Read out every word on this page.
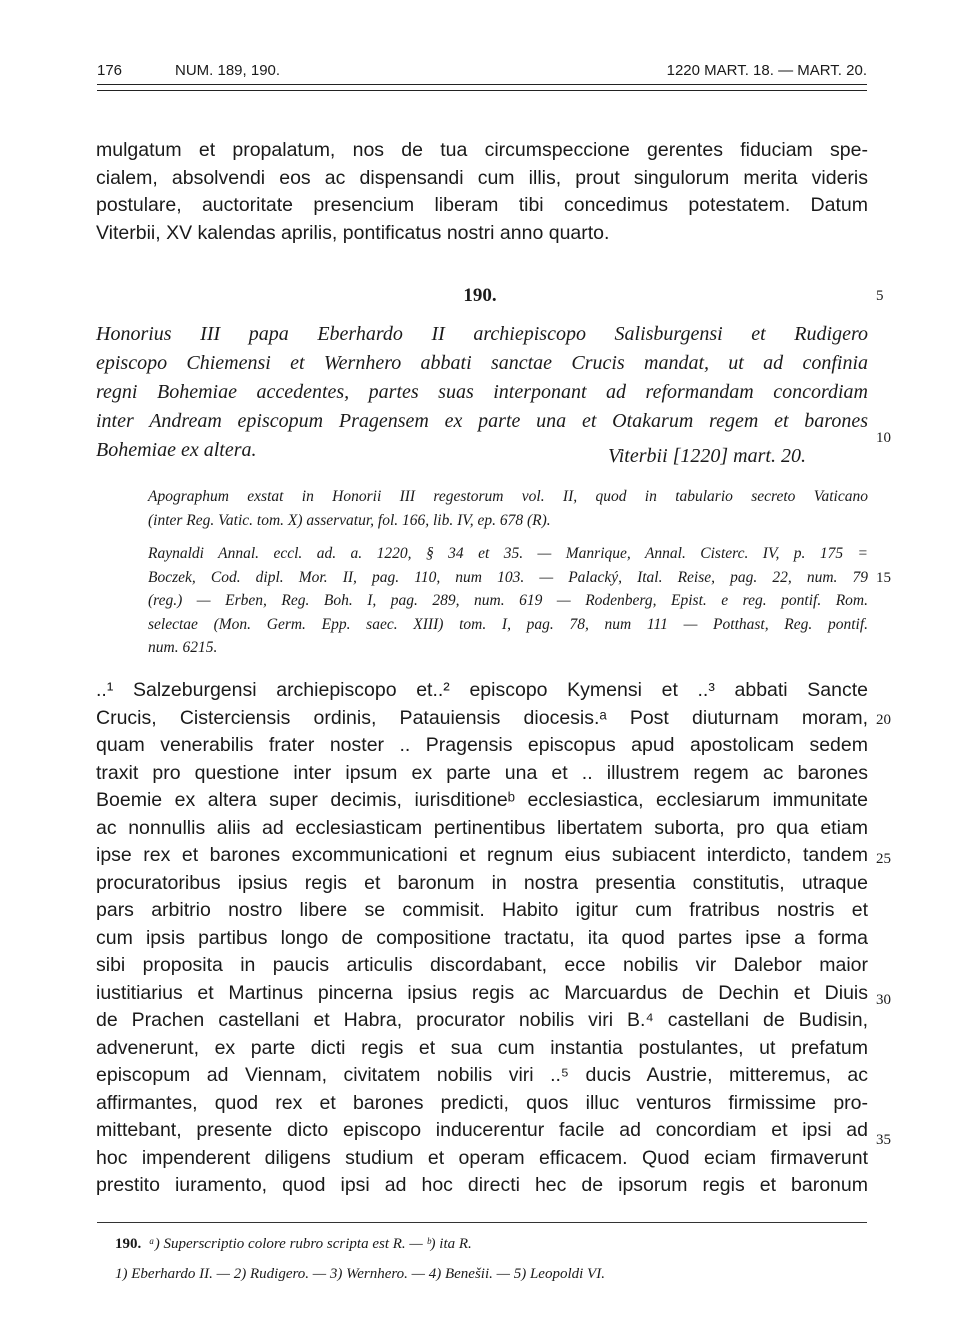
176	NUM. 189, 190.	1220 MART. 18. — MART. 20.
mulgatum et propalatum, nos de tua circumspeccione gerentes fiduciam spe-
cialem, absolvendi eos ac dispensandi cum illis, prout singulorum merita videris
postulare, auctoritate presencium liberam tibi concedimus potestatem. Datum
Viterbii, XV kalendas aprilis, pontificatus nostri anno quarto.
190.
Honorius III papa Eberhardo II archiepiscopo Salisburgensi et Rudigero
episcopo Chiemensi et Wernhero abbati sanctae Crucis mandat, ut ad confinia
regni Bohemiae accedentes, partes suas interponant ad reformandam concordiam
inter Andream episcopum Pragensem ex parte una et Otakarum regem et barones
Bohemiae ex altera.	Viterbii [1220] mart. 20.
Apographum exstat in Honorii III regestorum vol. II, quod in tabulario secreto Vaticano
(inter Reg. Vatic. tom. X) asservatur, fol. 166, lib. IV, ep. 678 (R).
Raynaldi Annal. eccl. ad. a. 1220, § 34 et 35. — Manrique, Annal. Cisterc. IV, p. 175 =
Boczek, Cod. dipl. Mor. II, pag. 110, num 103. — Palacký, Ital. Reise, pag. 22, num. 79
(reg.) — Erben, Reg. Boh. I, pag. 289, num. 619 — Rodenberg, Epist. e reg. pontif. Rom.
selectae (Mon. Germ. Epp. saec. XIII) tom. I, pag. 78, num 111 — Potthast, Reg. pontif.
num. 6215.
..¹ Salzeburgensi archiepiscopo et..² episcopo Kymensi et ..³ abbati Sancte
Crucis, Cisterciensis ordinis, Patauiensis diocesis.ᵃ Post diuturnam moram,
quam venerabilis frater noster .. Pragensis episcopus apud apostolicam sedem
traxit pro questione inter ipsum ex parte una et .. illustrem regem ac barones
Boemie ex altera super decimis, iurisditioneᵇ ecclesiastica, ecclesiarum immunitate
ac nonnullis aliis ad ecclesiasticam pertinentibus libertatem suborta, pro qua etiam
ipse rex et barones excommunicationi et regnum eius subiacent interdicto, tandem
procuratoribus ipsius regis et baronum in nostra presentia constitutis, utraque
pars arbitrio nostro libere se commisit. Habito igitur cum fratribus nostris et
cum ipsis partibus longo de compositione tractatu, ita quod partes ipse a forma
sibi proposita in paucis articulis discordabant, ecce nobilis vir Dalebor maior
iustitiarius et Martinus pincerna ipsius regis ac Marcuardus de Dechin et Diuis
de Prachen castellani et Habra, procurator nobilis viri B.⁴ castellani de Budisin,
advenerunt, ex parte dicti regis et sua cum instantia postulantes, ut prefatum
episcopum ad Viennam, civitatem nobilis viri ..⁵ ducis Austrie, mitteremus, ac
affirmantes, quod rex et barones predicti, quos illuc venturos firmissime pro-
mittebant, presente dicto episcopo inducerentur facile ad concordiam et ipsi ad
hoc impenderent diligens studium et operam efficacem. Quod eciam firmaverunt
prestito iuramento, quod ipsi ad hoc directi hec de ipsorum regis et baronum
5
10
15
20
25
30
35
190. ᵃ) Superscriptio colore rubro scripta est R. — ᵇ) ita R.
1) Eberhardo II. — 2) Rudigero. — 3) Wernhero. — 4) Benešii. — 5) Leopoldi VI.
